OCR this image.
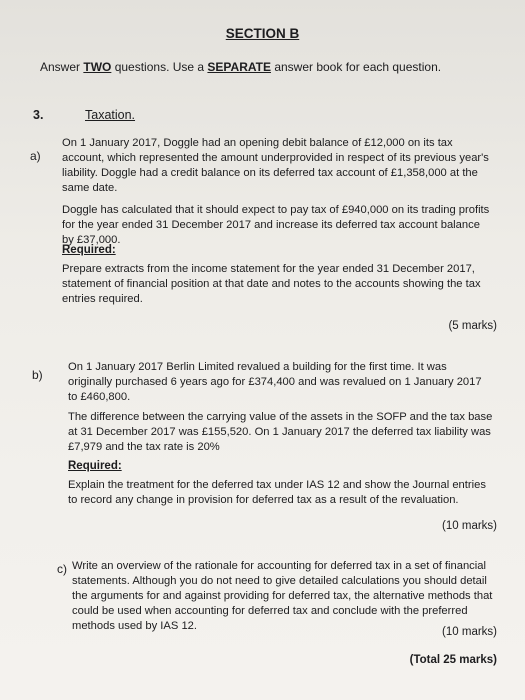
SECTION B
Answer TWO questions. Use a SEPARATE answer book for each question.
3.	Taxation.
a)
On 1 January 2017, Doggle had an opening debit balance of £12,000 on its tax account, which represented the amount underprovided in respect of its previous year's liability. Doggle had a credit balance on its deferred tax account of £1,358,000 at the same date.
Doggle has calculated that it should expect to pay tax of £940,000 on its trading profits for the year ended 31 December 2017 and increase its deferred tax account balance by £37,000.
Required:
Prepare extracts from the income statement for the year ended 31 December 2017, statement of financial position at that date and notes to the accounts showing the tax entries required.
(5 marks)
b)
On 1 January 2017 Berlin Limited revalued a building for the first time. It was originally purchased 6 years ago for £374,400 and was revalued on 1 January 2017 to £460,800.
The difference between the carrying value of the assets in the SOFP and the tax base at 31 December 2017 was £155,520. On 1 January 2017 the deferred tax liability was £7,979 and the tax rate is 20%
Required:
Explain the treatment for the deferred tax under IAS 12 and show the Journal entries to record any change in provision for deferred tax as a result of the revaluation.
(10 marks)
c) Write an overview of the rationale for accounting for deferred tax in a set of financial statements. Although you do not need to give detailed calculations you should detail the arguments for and against providing for deferred tax, the alternative methods that could be used when accounting for deferred tax and conclude with the preferred methods used by IAS 12.	(10 marks)
(Total 25 marks)
